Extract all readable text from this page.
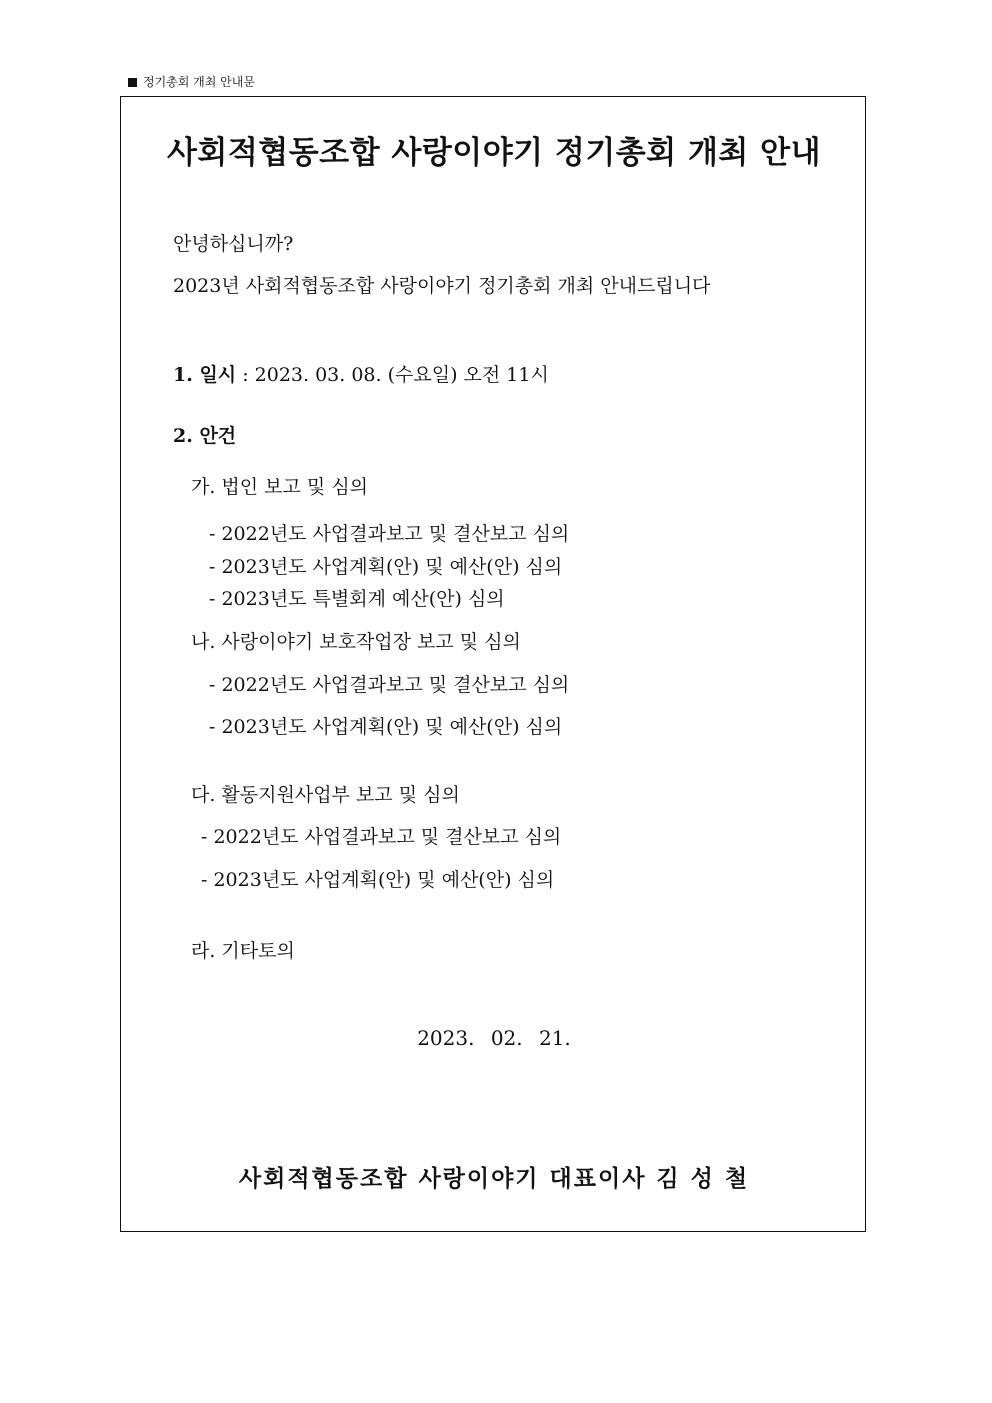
정기총회 개최 안내문
사회적협동조합 사랑이야기 정기총회 개최 안내
안녕하십니까?
2023년 사회적협동조합 사랑이야기 정기총회 개최 안내드립니다
1. 일시 : 2023. 03. 08. (수요일) 오전 11시
2. 안건
가. 법인 보고 및 심의
- 2022년도 사업결과보고 및 결산보고 심의
- 2023년도 사업계획(안) 및 예산(안) 심의
- 2023년도 특별회계 예산(안) 심의
나. 사랑이야기 보호작업장 보고 및 심의
- 2022년도 사업결과보고 및 결산보고 심의
- 2023년도 사업계획(안) 및 예산(안) 심의
다. 활동지원사업부 보고 및 심의
- 2022년도 사업결과보고 및 결산보고 심의
- 2023년도 사업계획(안) 및 예산(안) 심의
라. 기타토의
2023. 02. 21.
사회적협동조합 사랑이야기 대표이사 김 성 철
